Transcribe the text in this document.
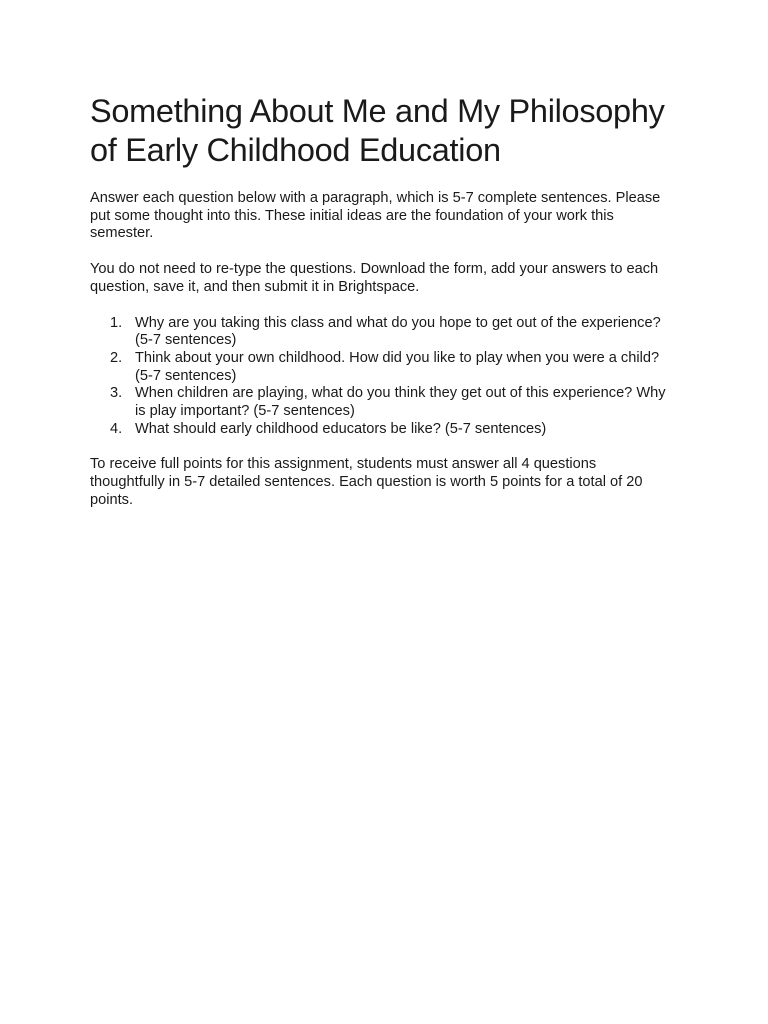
Something About Me and My Philosophy of Early Childhood Education

Answer each question below with a paragraph, which is 5-7 complete sentences. Please put some thought into this. These initial ideas are the foundation of your work this semester.

You do not need to re-type the questions. Download the form, add your answers to each question, save it, and then submit it in Brightspace.

1. Why are you taking this class and what do you hope to get out of the experience? (5-7 sentences)
2. Think about your own childhood. How did you like to play when you were a child? (5-7 sentences)
3. When children are playing, what do you think they get out of this experience? Why is play important? (5-7 sentences)
4. What should early childhood educators be like? (5-7 sentences)

To receive full points for this assignment, students must answer all 4 questions thoughtfully in 5-7 detailed sentences. Each question is worth 5 points for a total of 20 points.
